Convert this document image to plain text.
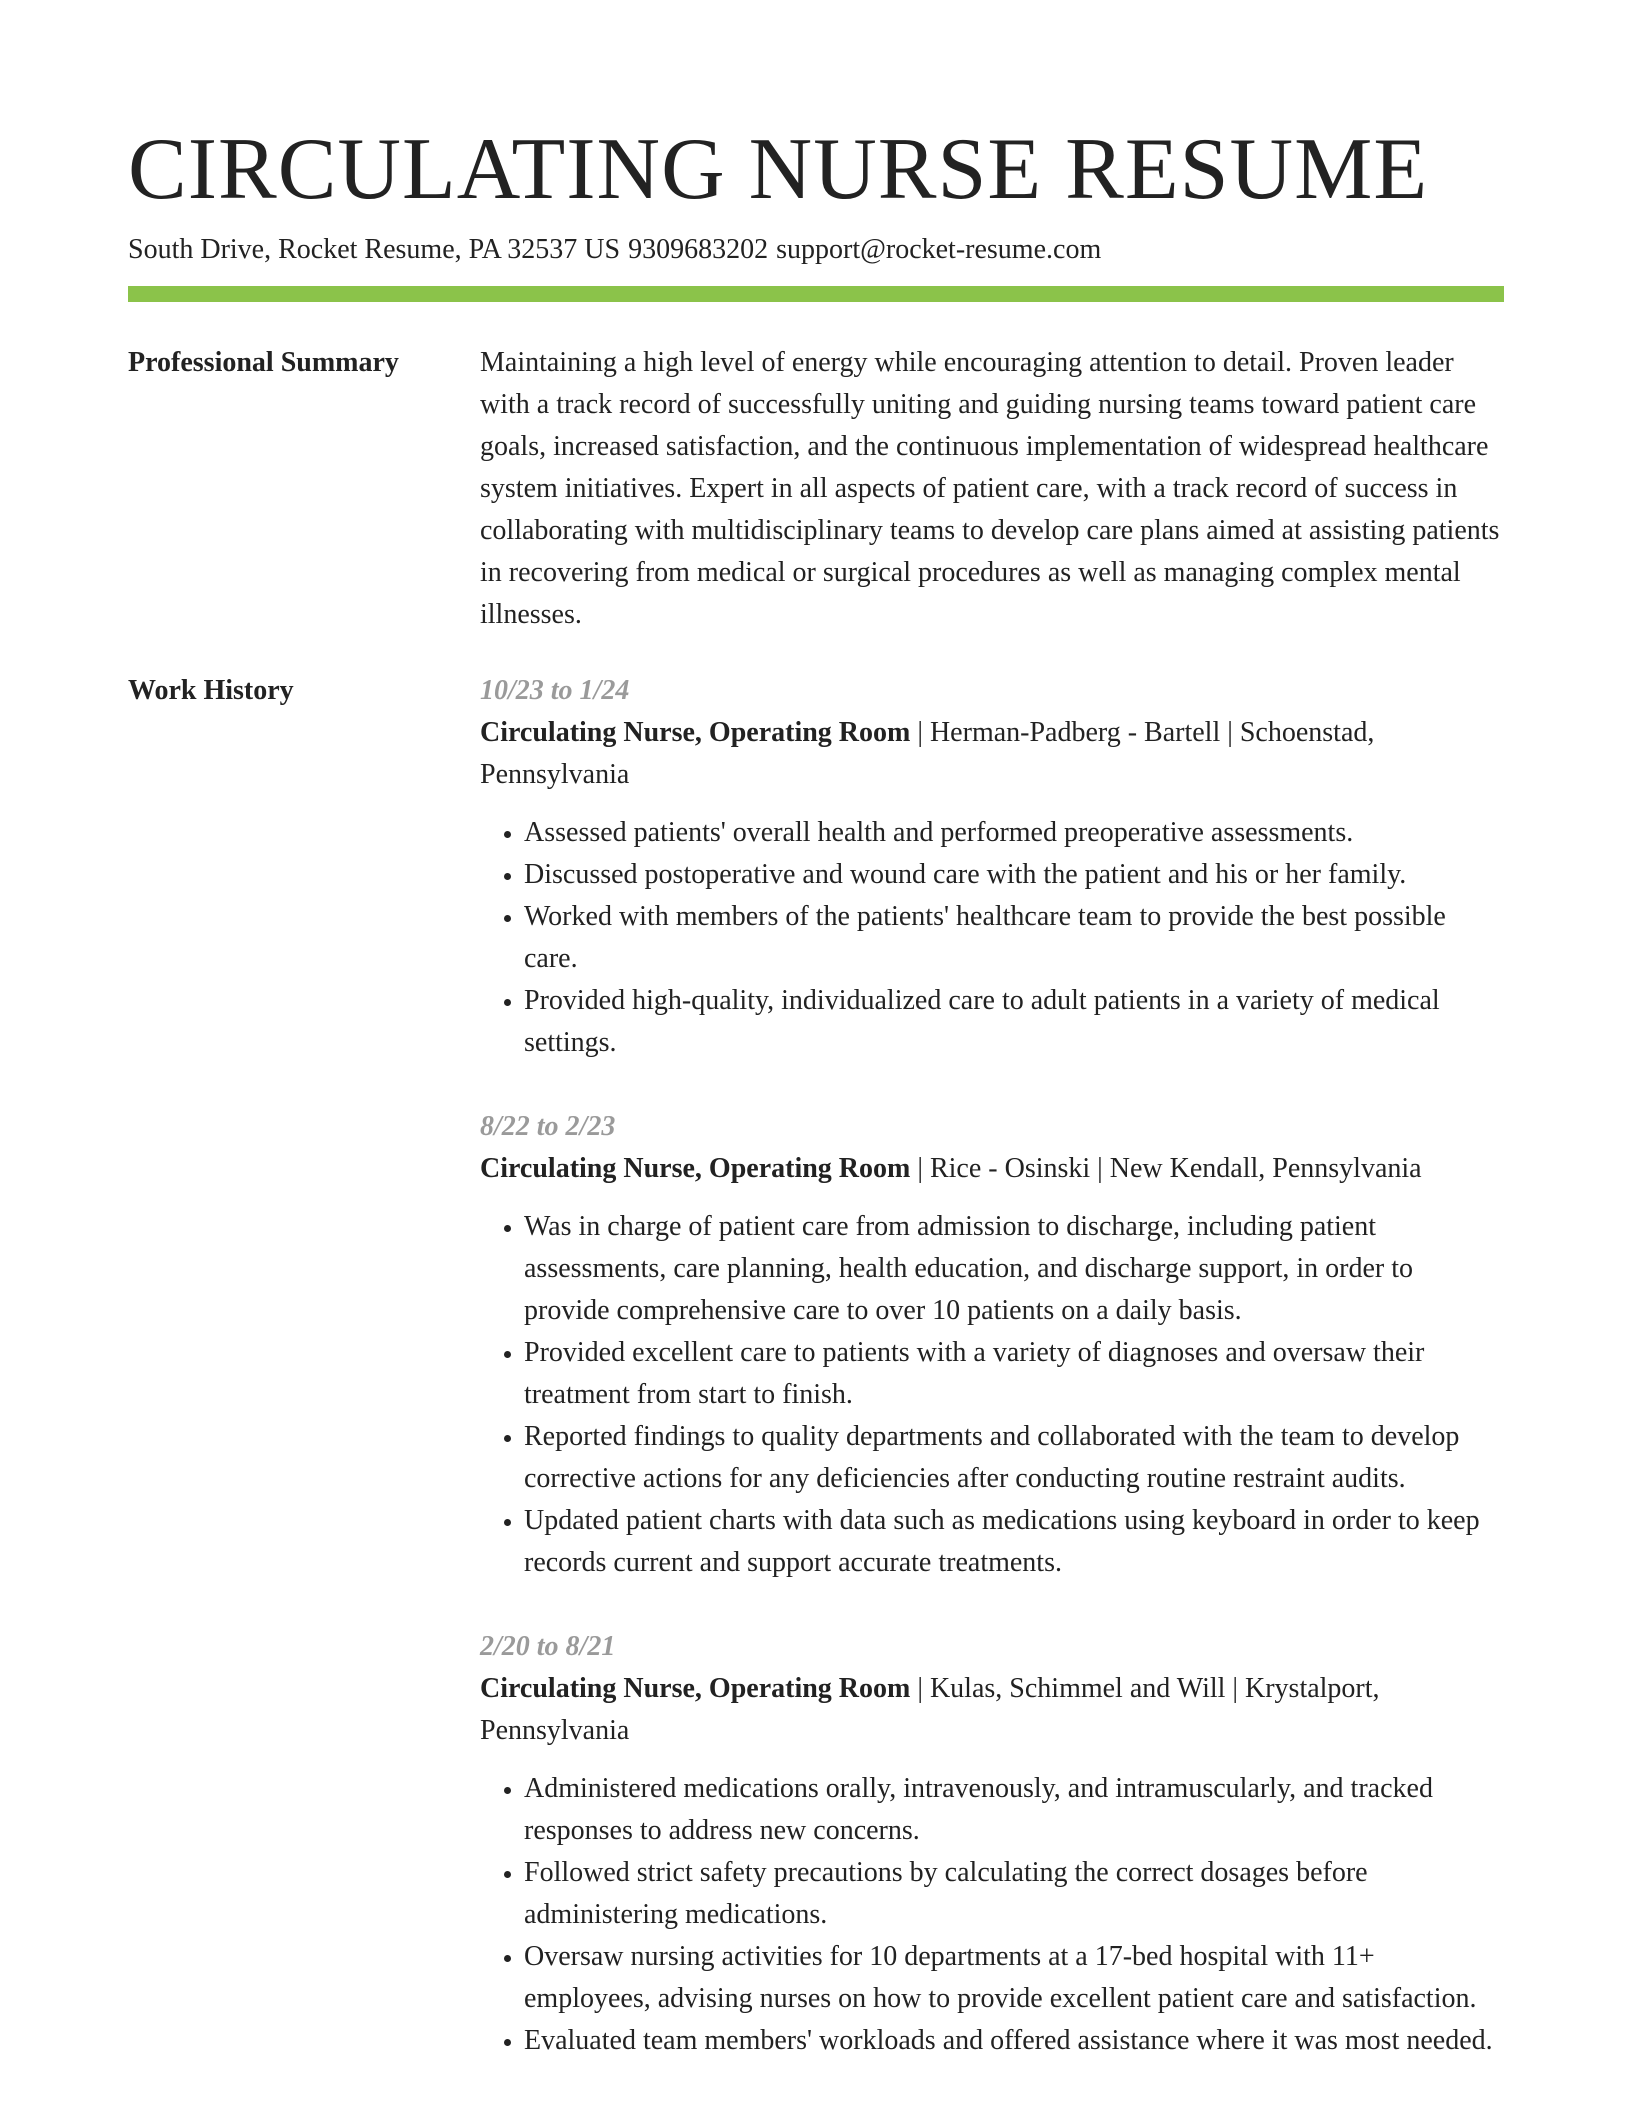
CIRCULATING NURSE RESUME
South Drive, Rocket Resume, PA 32537 US 9309683202 support@rocket-resume.com
Professional Summary	Maintaining a high level of energy while encouraging attention to detail. Proven leader with a track record of successfully uniting and guiding nursing teams toward patient care goals, increased satisfaction, and the continuous implementation of widespread healthcare system initiatives. Expert in all aspects of patient care, with a track record of success in collaborating with multidisciplinary teams to develop care plans aimed at assisting patients in recovering from medical or surgical procedures as well as managing complex mental illnesses.

Work History	10/23 to 1/24
Circulating Nurse, Operating Room | Herman-Padberg - Bartell | Schoenstad, Pennsylvania
• Assessed patients' overall health and performed preoperative assessments.
• Discussed postoperative and wound care with the patient and his or her family.
• Worked with members of the patients' healthcare team to provide the best possible care.
• Provided high-quality, individualized care to adult patients in a variety of medical settings.
8/22 to 2/23
Circulating Nurse, Operating Room | Rice - Osinski | New Kendall, Pennsylvania
• Was in charge of patient care from admission to discharge, including patient assessments, care planning, health education, and discharge support, in order to provide comprehensive care to over 10 patients on a daily basis.
• Provided excellent care to patients with a variety of diagnoses and oversaw their treatment from start to finish.
• Reported findings to quality departments and collaborated with the team to develop corrective actions for any deficiencies after conducting routine restraint audits.
• Updated patient charts with data such as medications using keyboard in order to keep records current and support accurate treatments.
2/20 to 8/21
Circulating Nurse, Operating Room | Kulas, Schimmel and Will | Krystalport, Pennsylvania
• Administered medications orally, intravenously, and intramuscularly, and tracked responses to address new concerns.
• Followed strict safety precautions by calculating the correct dosages before administering medications.
• Oversaw nursing activities for 10 departments at a 17-bed hospital with 11+ employees, advising nurses on how to provide excellent patient care and satisfaction.
• Evaluated team members' workloads and offered assistance where it was most needed.
